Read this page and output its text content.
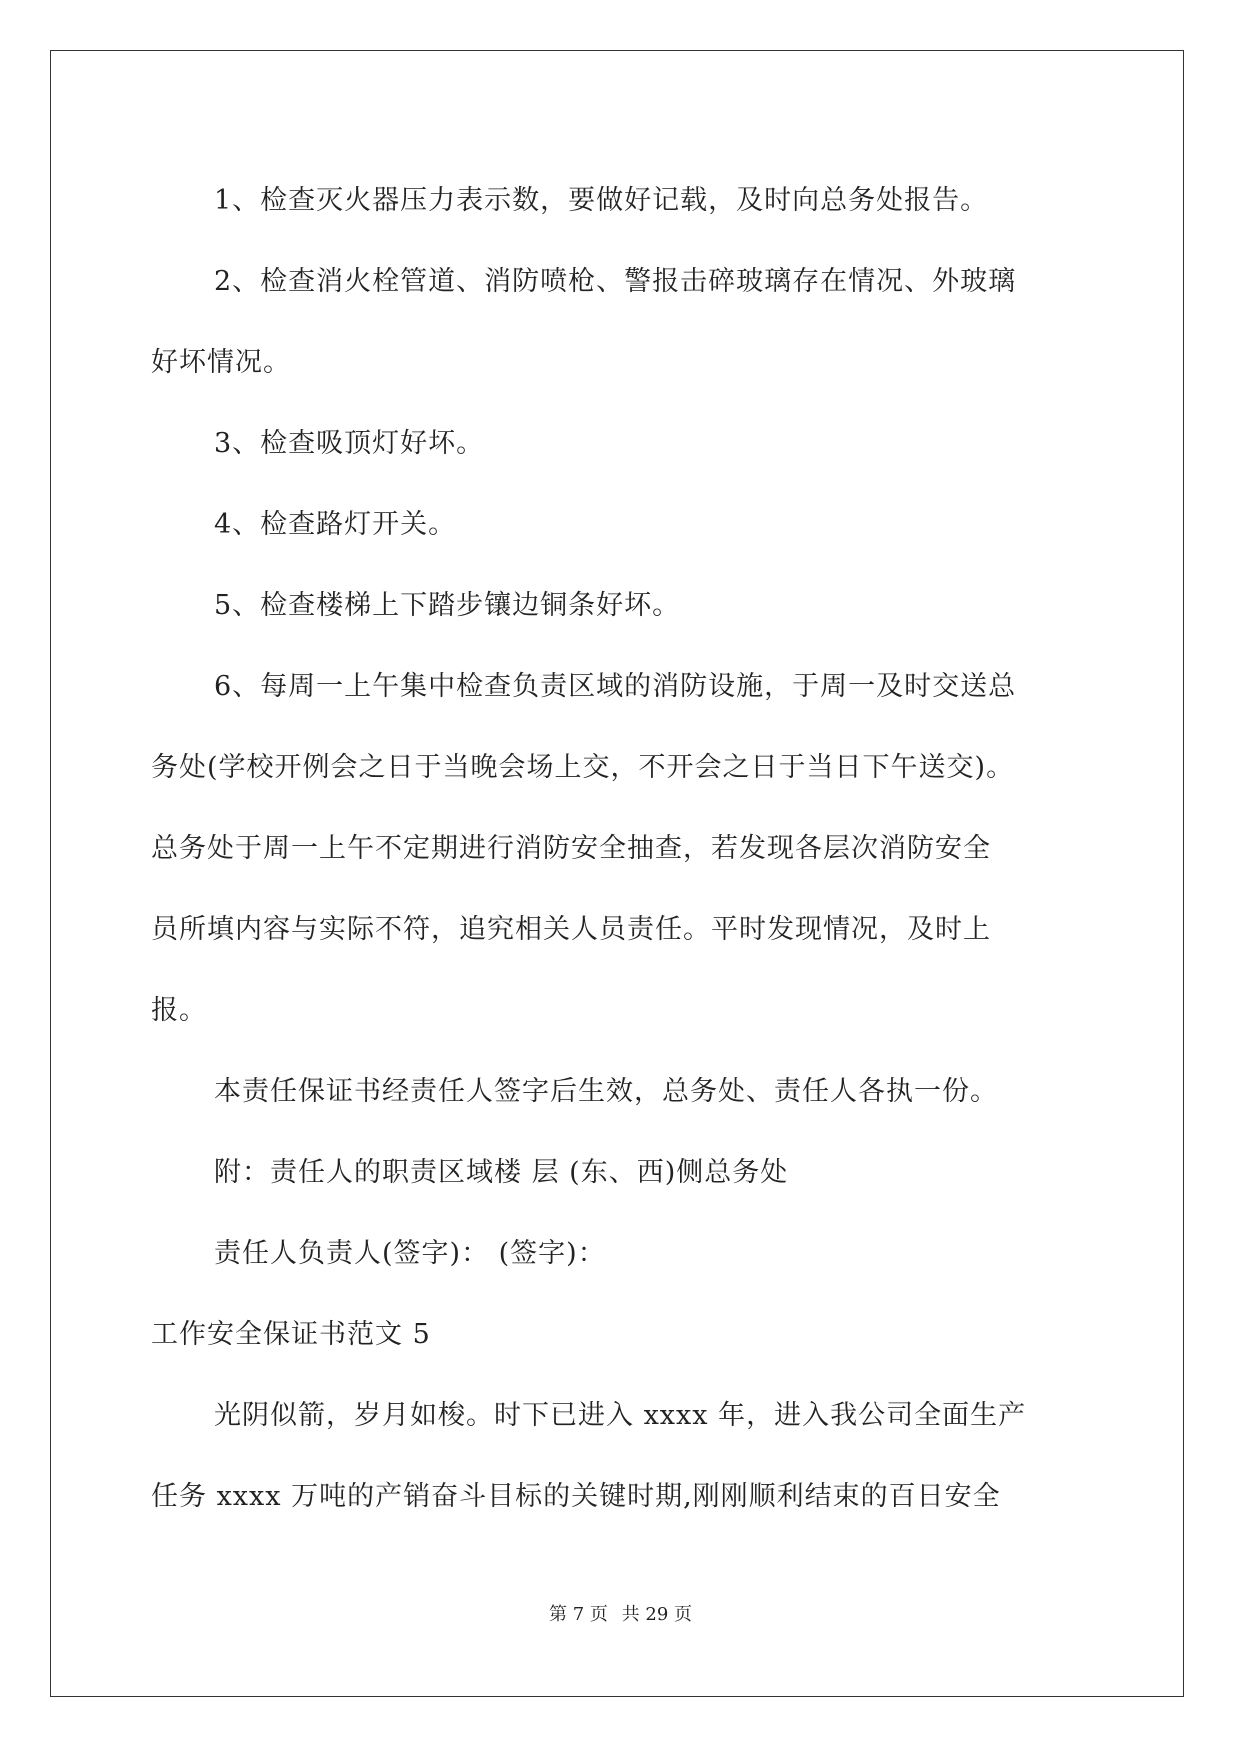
1、检查灭火器压力表示数，要做好记载，及时向总务处报告。
2、检查消火栓管道、消防喷枪、警报击碎玻璃存在情况、外玻璃
好坏情况。
3、检查吸顶灯好坏。
4、检查路灯开关。
5、检查楼梯上下踏步镶边铜条好坏。
6、每周一上午集中检查负责区域的消防设施，于周一及时交送总
务处(学校开例会之日于当晚会场上交，不开会之日于当日下午送交)。
总务处于周一上午不定期进行消防安全抽查，若发现各层次消防安全
员所填内容与实际不符，追究相关人员责任。平时发现情况，及时上
报。
本责任保证书经责任人签字后生效，总务处、责任人各执一份。
附：责任人的职责区域楼 层 (东、西)侧总务处
责任人负责人(签字)： (签字)：
工作安全保证书范文 5
光阴似箭，岁月如梭。时下已进入 xxxx 年，进入我公司全面生产
任务 xxxx 万吨的产销奋斗目标的关键时期,刚刚顺利结束的百日安全
第 7 页 共 29 页
